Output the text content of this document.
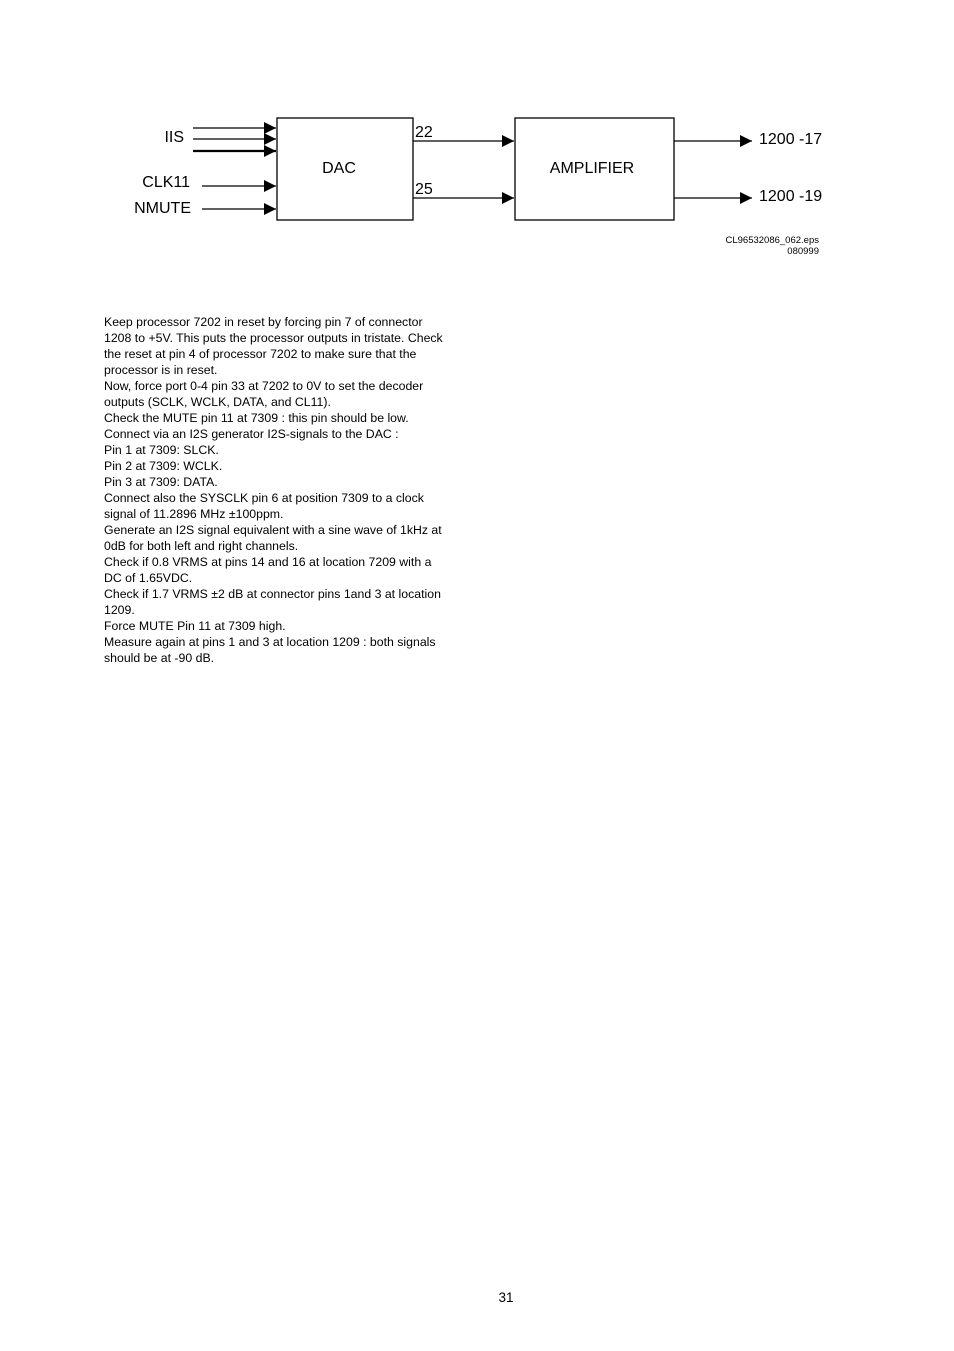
IIS
CLK11
NMUTE
DAC
22
25
AMPLIFIER
1200 -17
1200 -19
CL96532086_062.eps
080999
Keep processor 7202 in reset by forcing pin 7 of connector
1208 to +5V. This puts the processor outputs in tristate. Check
the reset at pin 4 of processor 7202 to make sure that the
processor is in reset.
Now, force port 0-4 pin 33 at 7202 to 0V to set the decoder
outputs (SCLK, WCLK, DATA, and CL11).
Check the MUTE pin 11 at 7309 : this pin should be low.
Connect via an I2S generator I2S-signals to the DAC :
Pin 1 at 7309: SLCK.
Pin 2 at 7309: WCLK.
Pin 3 at 7309: DATA.
Connect also the SYSCLK pin 6 at position 7309 to a clock
signal of 11.2896 MHz ±100ppm.
Generate an I2S signal equivalent with a sine wave of 1kHz at
0dB for both left and right channels.
Check if 0.8 VRMS at pins 14 and 16 at location 7209 with a
DC of 1.65VDC.
Check if 1.7 VRMS ±2 dB at connector pins 1and 3 at location
1209.
Force MUTE Pin 11 at 7309 high.
Measure again at pins 1 and 3 at location 1209 : both signals
should be at -90 dB.
31
